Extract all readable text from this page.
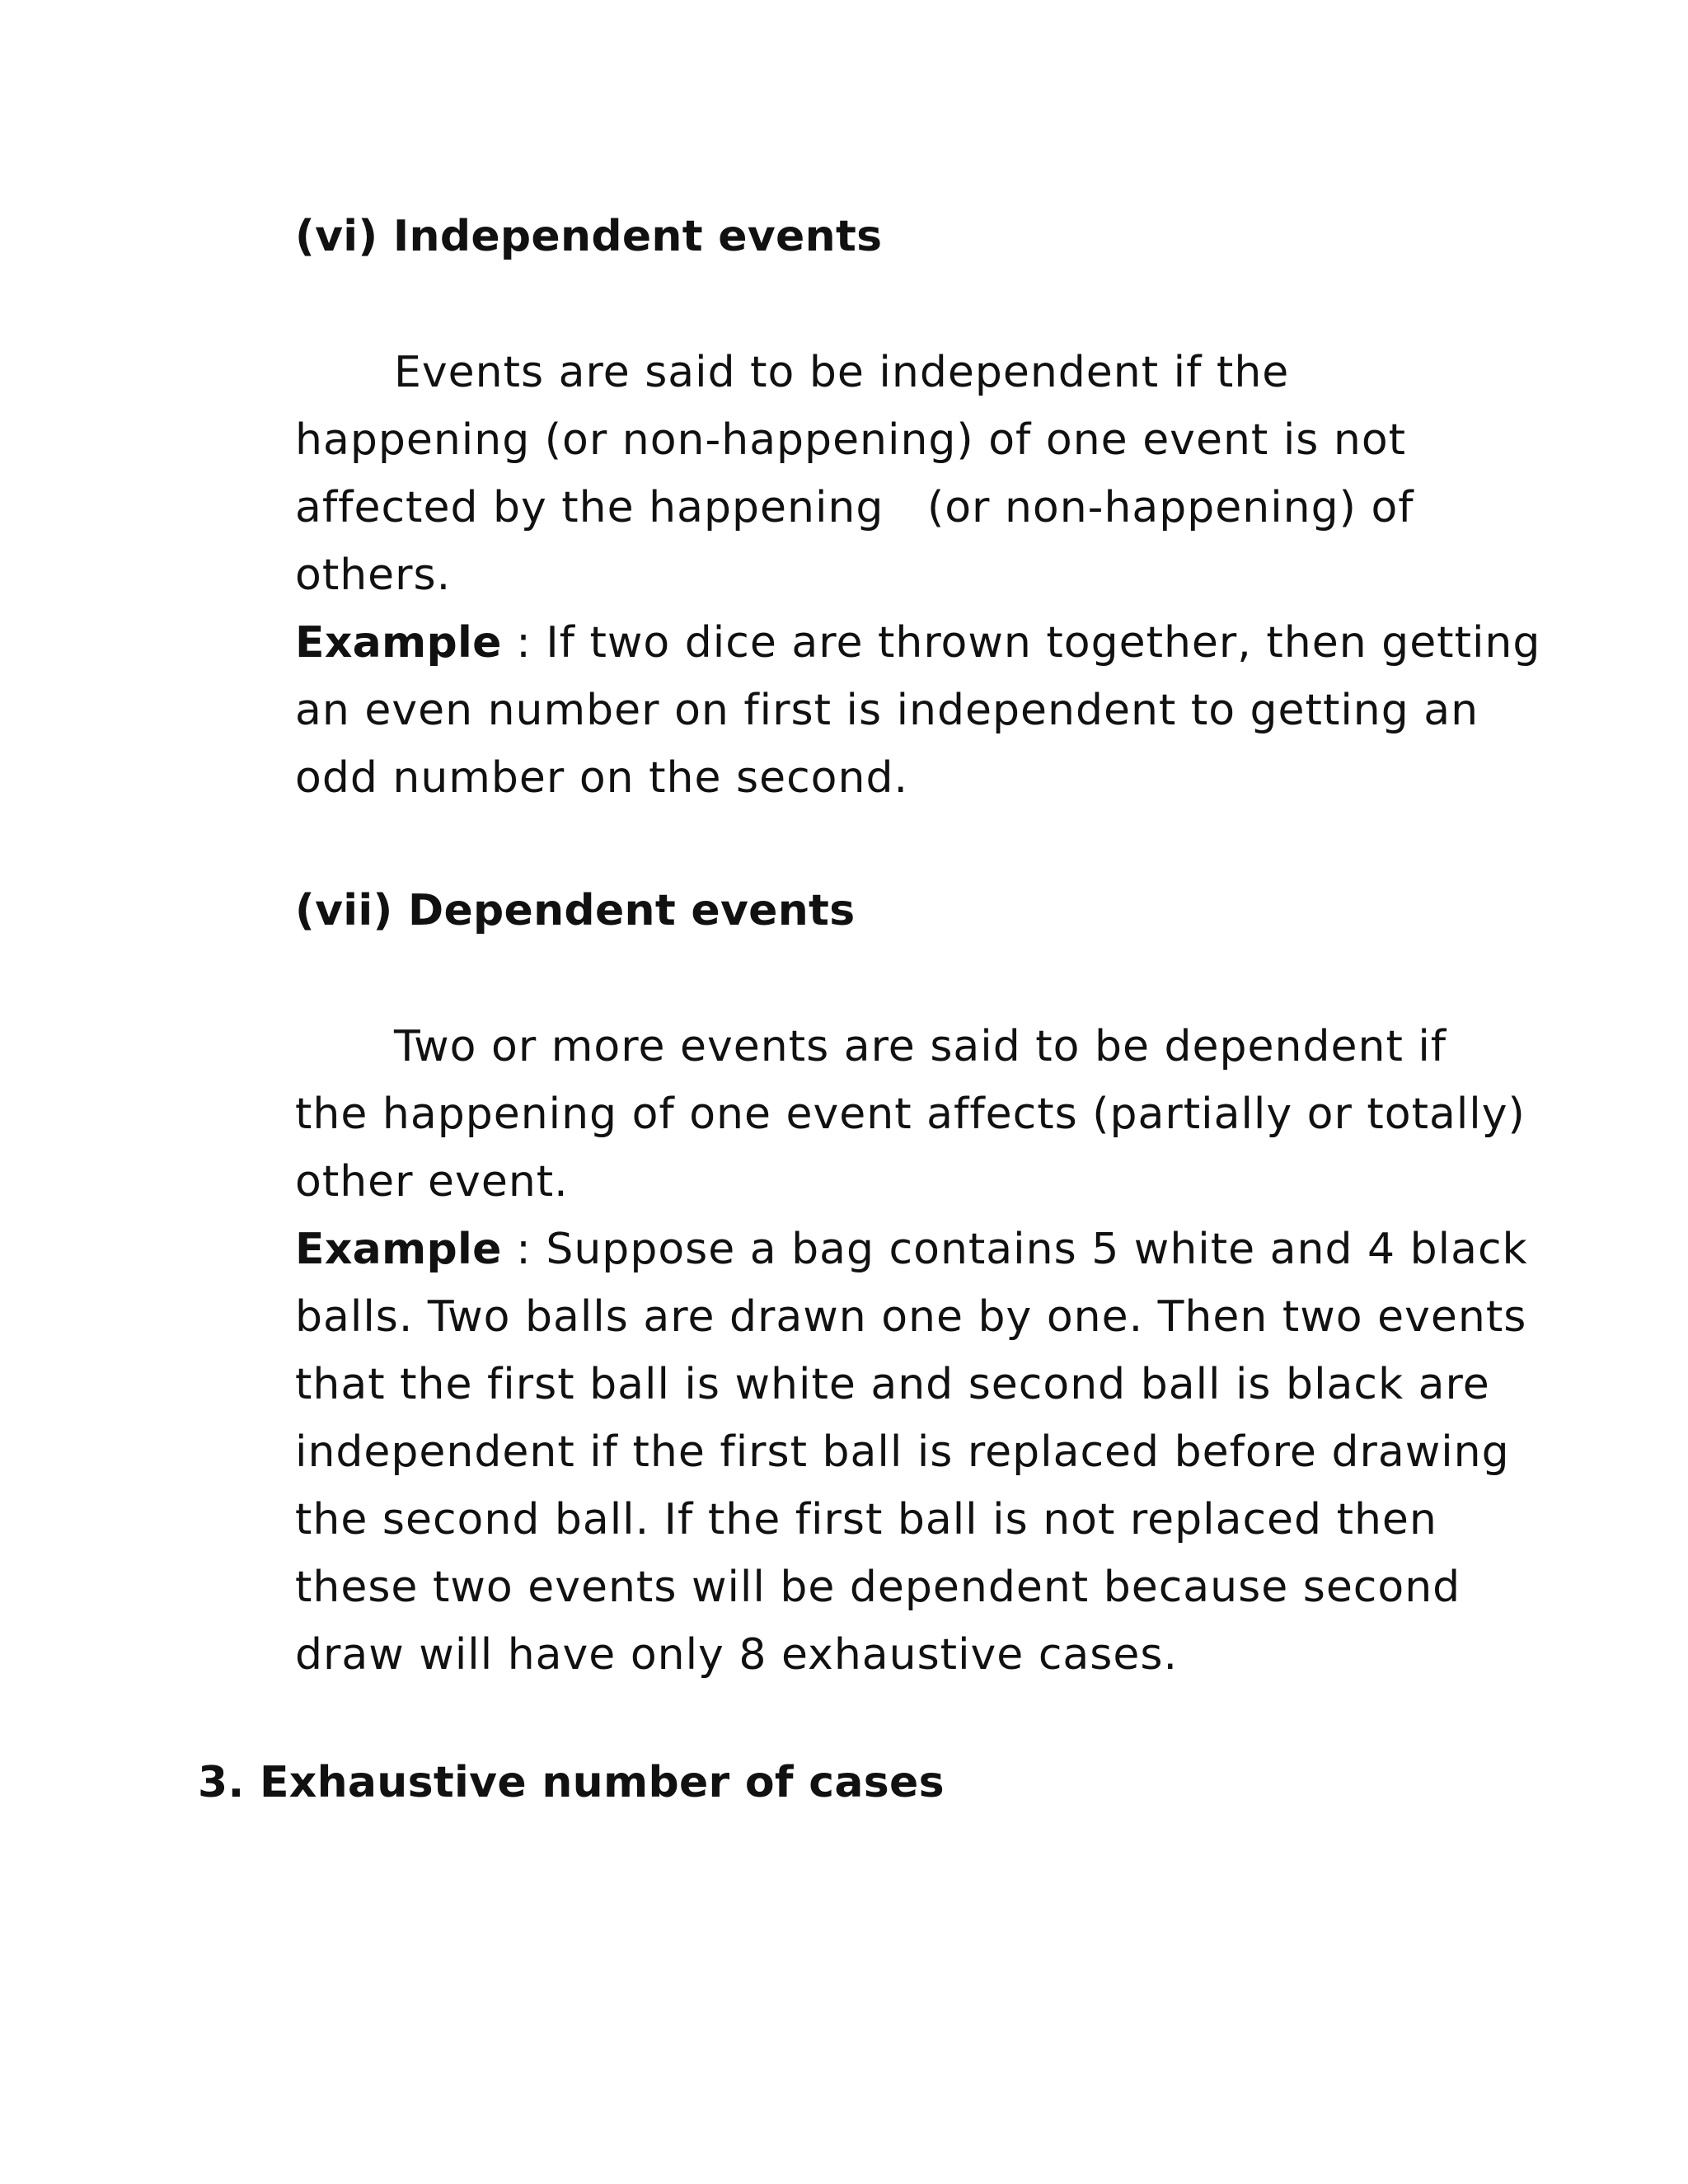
(vi) Independent events
Events are said to be independent if the
happening (or non-happening) of one event is not
affected by the happening   (or non-happening) of
others.
Example : If two dice are thrown together, then getting
an even number on first is independent to getting an
odd number on the second.
(vii) Dependent events
Two or more events are said to be dependent if
the happening of one event affects (partially or totally)
other event.
Example : Suppose a bag contains 5 white and 4 black
balls. Two balls are drawn one by one. Then two events
that the first ball is white and second ball is black are
independent if the first ball is replaced before drawing
the second ball. If the first ball is not replaced then
these two events will be dependent because second
draw will have only 8 exhaustive cases.
3. Exhaustive number of cases
